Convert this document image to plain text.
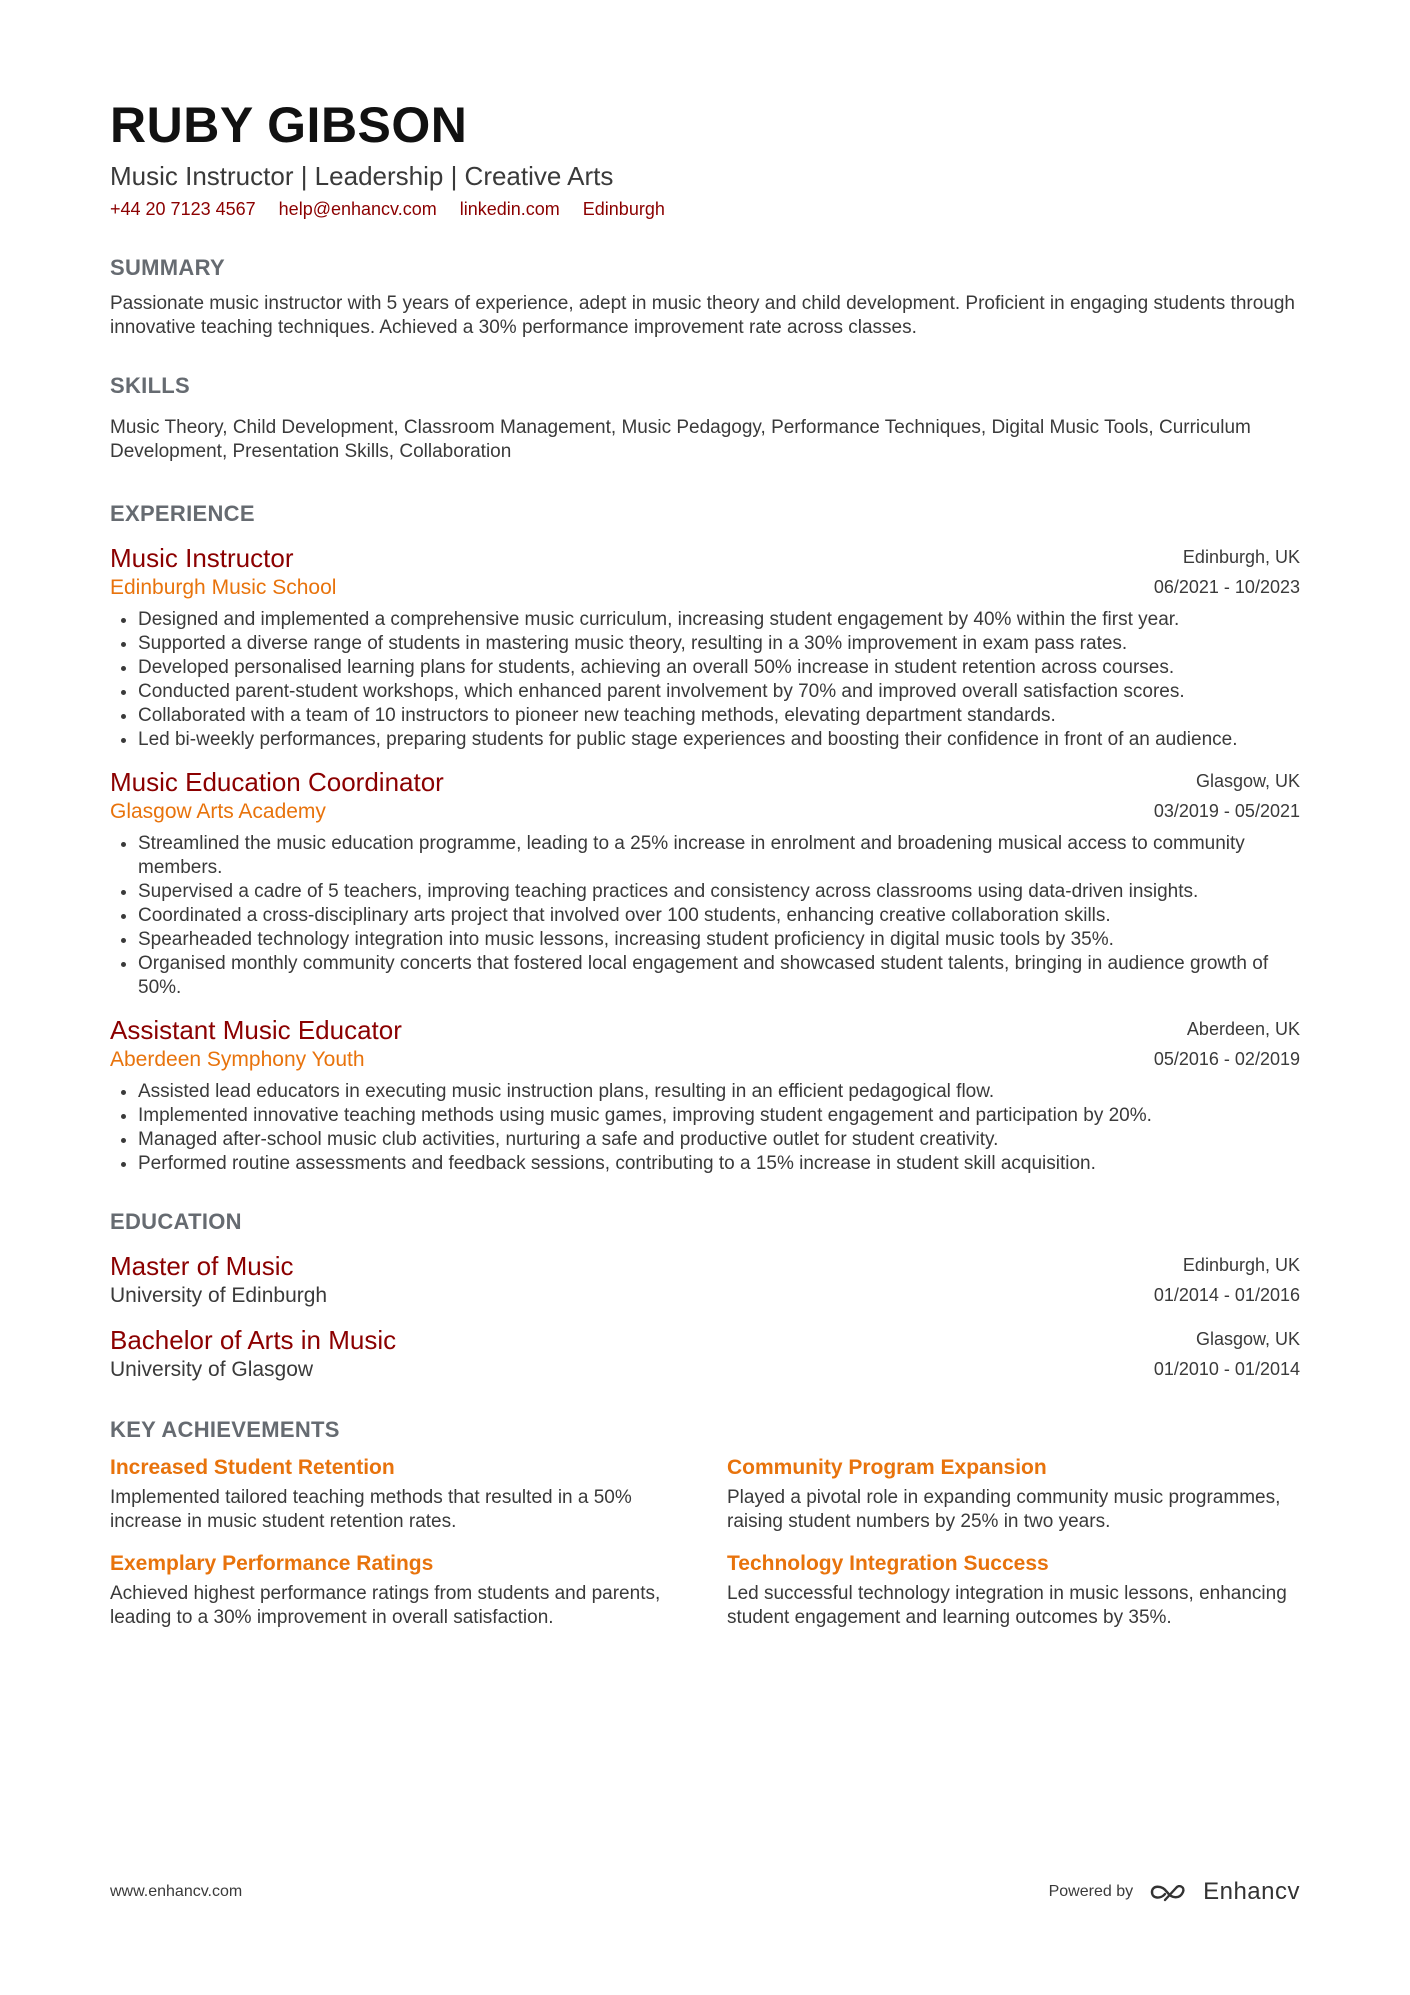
RUBY GIBSON
Music Instructor | Leadership | Creative Arts
+44 20 7123 4567 help@enhancv.com linkedin.com Edinburgh
SUMMARY
Passionate music instructor with 5 years of experience, adept in music theory and child development. Proficient in engaging students through innovative teaching techniques. Achieved a 30% performance improvement rate across classes.
SKILLS
Music Theory, Child Development, Classroom Management, Music Pedagogy, Performance Techniques, Digital Music Tools, Curriculum Development, Presentation Skills, Collaboration
EXPERIENCE
Music Instructor
Edinburgh Music School
Edinburgh, UK
06/2021 - 10/2023
• Designed and implemented a comprehensive music curriculum, increasing student engagement by 40% within the first year.
• Supported a diverse range of students in mastering music theory, resulting in a 30% improvement in exam pass rates.
• Developed personalised learning plans for students, achieving an overall 50% increase in student retention across courses.
• Conducted parent-student workshops, which enhanced parent involvement by 70% and improved overall satisfaction scores.
• Collaborated with a team of 10 instructors to pioneer new teaching methods, elevating department standards.
• Led bi-weekly performances, preparing students for public stage experiences and boosting their confidence in front of an audience.
Music Education Coordinator
Glasgow Arts Academy
Glasgow, UK
03/2019 - 05/2021
• Streamlined the music education programme, leading to a 25% increase in enrolment and broadening musical access to community members.
• Supervised a cadre of 5 teachers, improving teaching practices and consistency across classrooms using data-driven insights.
• Coordinated a cross-disciplinary arts project that involved over 100 students, enhancing creative collaboration skills.
• Spearheaded technology integration into music lessons, increasing student proficiency in digital music tools by 35%.
• Organised monthly community concerts that fostered local engagement and showcased student talents, bringing in audience growth of 50%.
Assistant Music Educator
Aberdeen Symphony Youth
Aberdeen, UK
05/2016 - 02/2019
• Assisted lead educators in executing music instruction plans, resulting in an efficient pedagogical flow.
• Implemented innovative teaching methods using music games, improving student engagement and participation by 20%.
• Managed after-school music club activities, nurturing a safe and productive outlet for student creativity.
• Performed routine assessments and feedback sessions, contributing to a 15% increase in student skill acquisition.
EDUCATION
Master of Music
University of Edinburgh
Edinburgh, UK
01/2014 - 01/2016
Bachelor of Arts in Music
University of Glasgow
Glasgow, UK
01/2010 - 01/2014
KEY ACHIEVEMENTS
Increased Student Retention
Implemented tailored teaching methods that resulted in a 50% increase in music student retention rates.
Community Program Expansion
Played a pivotal role in expanding community music programmes, raising student numbers by 25% in two years.
Exemplary Performance Ratings
Achieved highest performance ratings from students and parents, leading to a 30% improvement in overall satisfaction.
Technology Integration Success
Led successful technology integration in music lessons, enhancing student engagement and learning outcomes by 35%.
www.enhancv.com	Powered by	Enhancv
